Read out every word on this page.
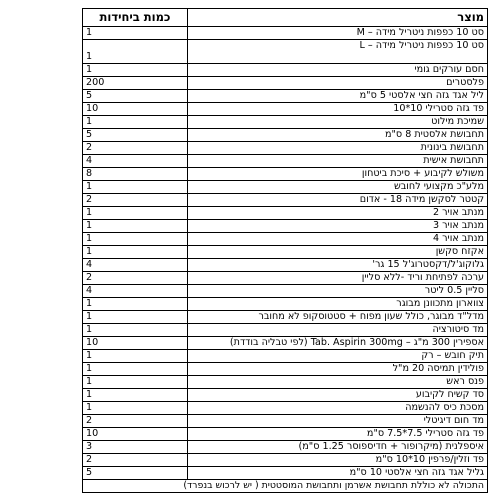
מוצר	כמות ביחידות
סט 10 כפפות ניטריל מידה – M	1
סט 10 כפפות ניטריל מידה – L	1
חסם עורקים גומי	1
פלסטרים	200
ליל אגד גזה חצי אלסטי 5 ס"מ	5
פד גזה סטרילי 10*10	10
שמיכת מילוט	1
תחבושת אלסטית 8 ס"מ	5
תחבושת בינונית	2
תחבושת אישית	4
משולש לקיבוע + סיכת ביטחון	8
מלע"כ מקצועי לחובש	1
קטטר לסקשן מידה 18 - אדום	2
מנתב אויר 2	1
מנתב אויר 3	1
מנתב אויר 4	1
אקזח סקשן	1
גלוקוג'ל/דקסטרוג'ל 15 גר'	4
ערכה לפתיחת וריד -ללא סליין	2
סליין 0.5 ליטר	4
צווארון מתכוונן מבוגר	1
מדל"ד מבוגר, כולל שעון מפוח + סטטוסקופ לא מחובר	1
מד סיטורציה	1
אספירין 300 מ"ג – Tab. Aspirin 300mg (לפי טבליה בודדת)	10
תיק חובש – רק	1
פולידין תמיסה 20 מ"ל	1
פנס ראש	1
סד קשיח לקיבוע	1
מסכת כיס להנשמה	1
מד חום דיגיטלי	2
פד גזה סטרילי 7.5*7.5 ס"מ	10
איספלנית (מיקרופור + חדיספוסר 1.25 ס"מ)	3
פד וזלין/פרפין 10*10 ס"מ	2
גליל אגד גזה חצי אלסטי 10 ס"מ	5
התכולה לא כוללת תחבושת אשרמן ותחבושת המוסטטית ( יש לרכוש בנפרד)	
